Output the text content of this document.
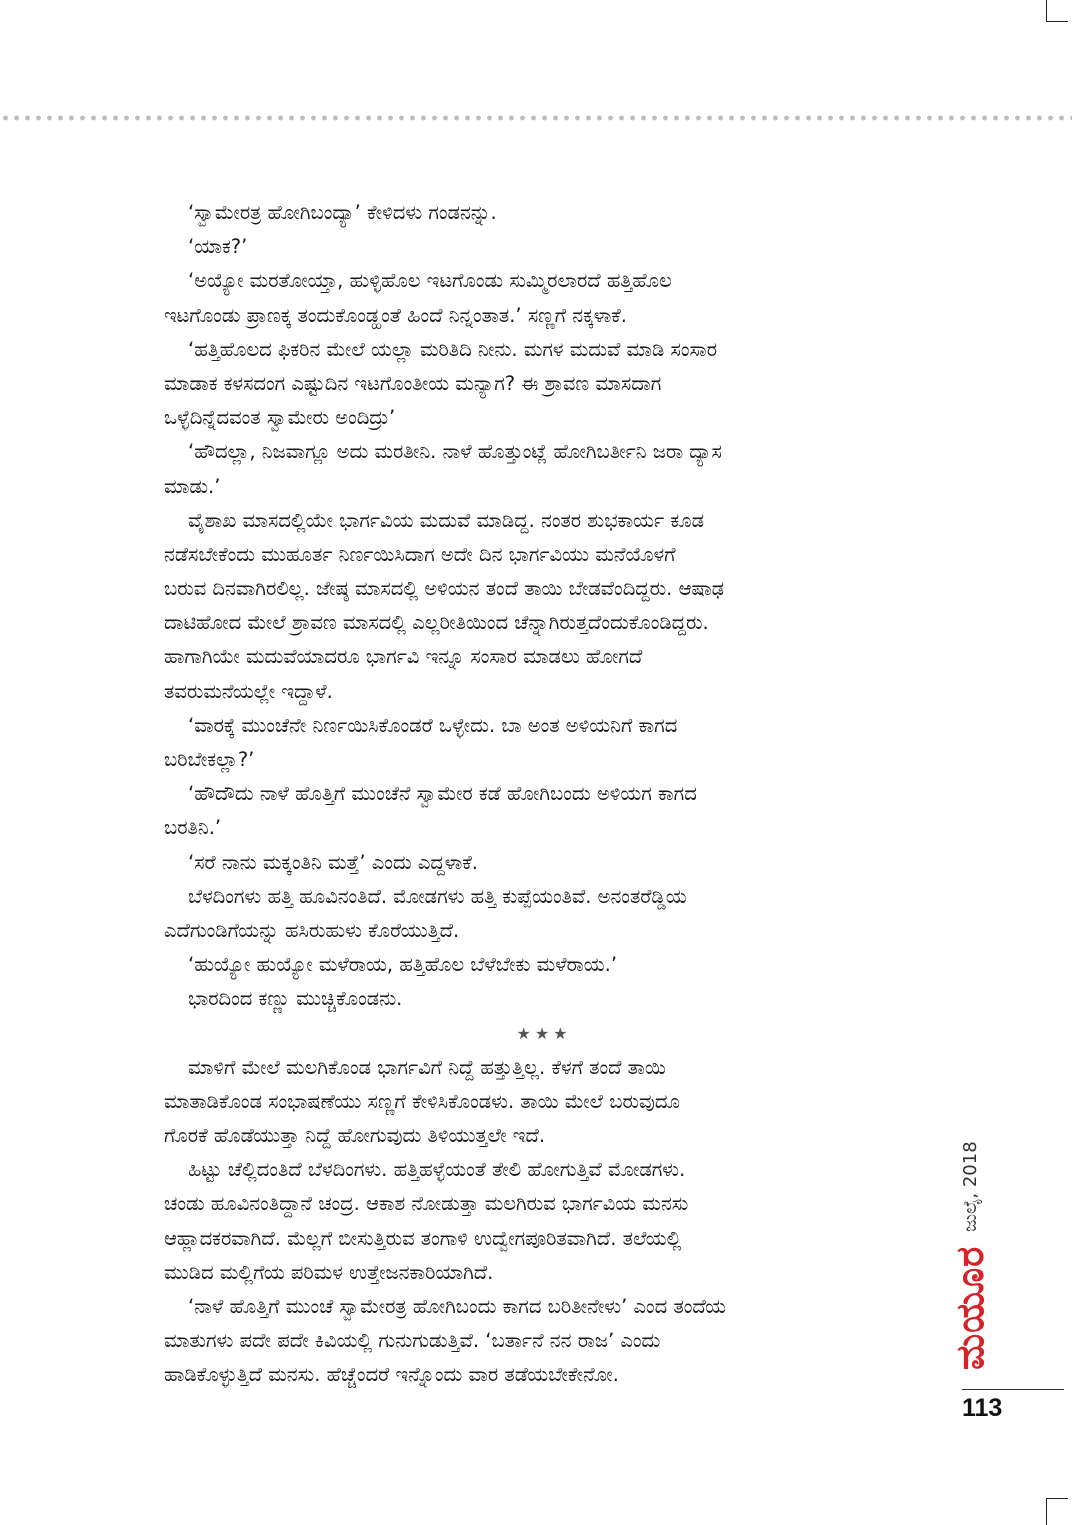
‘ಸ್ವಾಮೇರತ್ರ ಹೋಗಿಬಂದ್ಯಾ’ ಕೇಳಿದಳು ಗಂಡನನ್ನು.
‘ಯಾಕ?’
‘ಅಯ್ಯೋ ಮರತೋಯ್ತಾ, ಹುಳ್ಳಿಹೊಲ ಇಟಗೊಂಡು ಸುಮ್ಮಿರಲಾರದೆ ಹತ್ತಿಹೊಲ
ಇಟಗೊಂಡು ಪ್ರಾಣಕ್ಕ ತಂದುಕೊಂಡ್ಹಂತೆ ಹಿಂದೆ ನಿನ್ನಂತಾತ.’ ಸಣ್ಣಗೆ ನಕ್ಕಳಾಕೆ.
‘ಹತ್ತಿಹೊಲದ ಫಿಕರಿನ ಮೇಲೆ ಯಲ್ಲಾ ಮರಿತಿದಿ ನೀನು. ಮಗಳ ಮದುವೆ ಮಾಡಿ ಸಂಸಾರ
ಮಾಡಾಕ ಕಳಸದಂಗ ಎಷ್ಟುದಿನ ಇಟಗೊಂತೀಯ ಮನ್ಯಾಗ? ಈ ಶ್ರಾವಣ ಮಾಸದಾಗ
ಒಳ್ಳೆದಿನ್ನೆದವಂತ ಸ್ವಾಮೇರು ಅಂದಿದ್ರು’
‘ಹೌದಲ್ಲಾ, ನಿಜವಾಗ್ಲೂ ಅದು ಮರತೀನಿ. ನಾಳೆ ಹೊತ್ತುಂಟ್ಲೆ ಹೋಗಿಬರ್ತೀನಿ ಜರಾ ದ್ಯಾಸ
ಮಾಡು.’
ವೈಶಾಖ ಮಾಸದಲ್ಲಿಯೇ ಭಾರ್ಗವಿಯ ಮದುವೆ ಮಾಡಿದ್ದ. ನಂತರ ಶುಭಕಾರ್ಯ ಕೂಡ
ನಡೆಸಬೇಕೆಂದು ಮುಹೂರ್ತ ನಿರ್ಣಯಿಸಿದಾಗ ಅದೇ ದಿನ ಭಾರ್ಗವಿಯು ಮನೆಯೊಳಗೆ
ಬರುವ ದಿನವಾಗಿರಲಿಲ್ಲ. ಜೇಷ್ಠ ಮಾಸದಲ್ಲಿ ಅಳಿಯನ ತಂದೆ ತಾಯಿ ಬೇಡವೆಂದಿದ್ದರು. ಆಷಾಢ
ದಾಟಿಹೋದ ಮೇಲೆ ಶ್ರಾವಣ ಮಾಸದಲ್ಲಿ ಎಲ್ಲರೀತಿಯಿಂದ ಚೆನ್ನಾಗಿರುತ್ತದೆಂದುಕೊಂಡಿದ್ದರು.
ಹಾಗಾಗಿಯೇ ಮದುವೆಯಾದರೂ ಭಾರ್ಗವಿ ಇನ್ನೂ ಸಂಸಾರ ಮಾಡಲು ಹೋಗದೆ
ತವರುಮನೆಯಲ್ಲೇ ಇದ್ದಾಳೆ.
‘ವಾರಕ್ಕೆ ಮುಂಚೆನೇ ನಿರ್ಣಯಿಸಿಕೊಂಡರೆ ಒಳ್ಳೇದು. ಬಾ ಅಂತ ಅಳಿಯನಿಗೆ ಕಾಗದ
ಬರಿಬೇಕಲ್ಲಾ?’
‘ಹೌದೌದು ನಾಳೆ ಹೊತ್ತಿಗೆ ಮುಂಚೆನೆ ಸ್ವಾಮೇರ ಕಡೆ ಹೋಗಿಬಂದು ಅಳಿಯಗ ಕಾಗದ
ಬರತಿನಿ.’
‘ಸರೆ ನಾನು ಮಕ್ಕಂತಿನಿ ಮತ್ತೆ’ ಎಂದು ಎದ್ದಳಾಕೆ.
ಬೆಳದಿಂಗಳು ಹತ್ತಿ ಹೂವಿನಂತಿದೆ. ಮೋಡಗಳು ಹತ್ತಿ ಕುಪ್ಪೆಯಂತಿವೆ. ಅನಂತರೆಡ್ಡಿಯ
ಎದೆಗುಂಡಿಗೆಯನ್ನು ಹಸಿರುಹುಳು ಕೊರೆಯುತ್ತಿದೆ.
‘ಹುಯ್ಯೋ ಹುಯ್ಯೋ ಮಳೆರಾಯ, ಹತ್ತಿಹೊಲ ಬೆಳೆಬೇಕು ಮಳೆರಾಯ.’
ಭಾರದಿಂದ ಕಣ್ಣು ಮುಚ್ಚಿಕೊಂಡನು.
★★★
ಮಾಳಿಗೆ ಮೇಲೆ ಮಲಗಿಕೊಂಡ ಭಾರ್ಗವಿಗೆ ನಿದ್ದೆ ಹತ್ತುತ್ತಿಲ್ಲ. ಕೆಳಗೆ ತಂದೆ ತಾಯಿ
ಮಾತಾಡಿಕೊಂಡ ಸಂಭಾಷಣೆಯು ಸಣ್ಣಗೆ ಕೇಳಿಸಿಕೊಂಡಳು. ತಾಯಿ ಮೇಲೆ ಬರುವುದೂ
ಗೊರಕೆ ಹೊಡೆಯುತ್ತಾ ನಿದ್ದೆ ಹೋಗುವುದು ತಿಳಿಯುತ್ತಲೇ ಇದೆ.
ಹಿಟ್ಟು ಚೆಲ್ಲಿದಂತಿದೆ ಬೆಳದಿಂಗಳು. ಹತ್ತಿಹಳ್ಳೆಯಂತೆ ತೇಲಿ ಹೋಗುತ್ತಿವೆ ಮೋಡಗಳು.
ಚಂಡು ಹೂವಿನಂತಿದ್ದಾನೆ ಚಂದ್ರ. ಆಕಾಶ ನೋಡುತ್ತಾ ಮಲಗಿರುವ ಭಾರ್ಗವಿಯ ಮನಸು
ಆಹ್ಲಾದಕರವಾಗಿದೆ. ಮೆಲ್ಲಗೆ ಬೀಸುತ್ತಿರುವ ತಂಗಾಳಿ ಉದ್ವೇಗಪೂರಿತವಾಗಿದೆ. ತಲೆಯಲ್ಲಿ
ಮುಡಿದ ಮಲ್ಲಿಗೆಯ ಪರಿಮಳ ಉತ್ತೇಜನಕಾರಿಯಾಗಿದೆ.
‘ನಾಳೆ ಹೊತ್ತಿಗೆ ಮುಂಚೆ ಸ್ವಾಮೇರತ್ರ ಹೋಗಿಬಂದು ಕಾಗದ ಬರಿತೀನೇಳು’ ಎಂದ ತಂದೆಯ
ಮಾತುಗಳು ಪದೇ ಪದೇ ಕಿವಿಯಲ್ಲಿ ಗುನುಗುಡುತ್ತಿವೆ. ‘ಬರ್ತಾನೆ ನನ ರಾಜ’ ಎಂದು
ಹಾಡಿಕೊಳ್ಳುತ್ತಿದೆ ಮನಸು. ಹೆಚ್ಚೆಂದರೆ ಇನ್ನೊಂದು ವಾರ ತಡೆಯಬೇಕೇನೋ.
ಮಯೂರ
ಜುಲೈ, 2018
113
